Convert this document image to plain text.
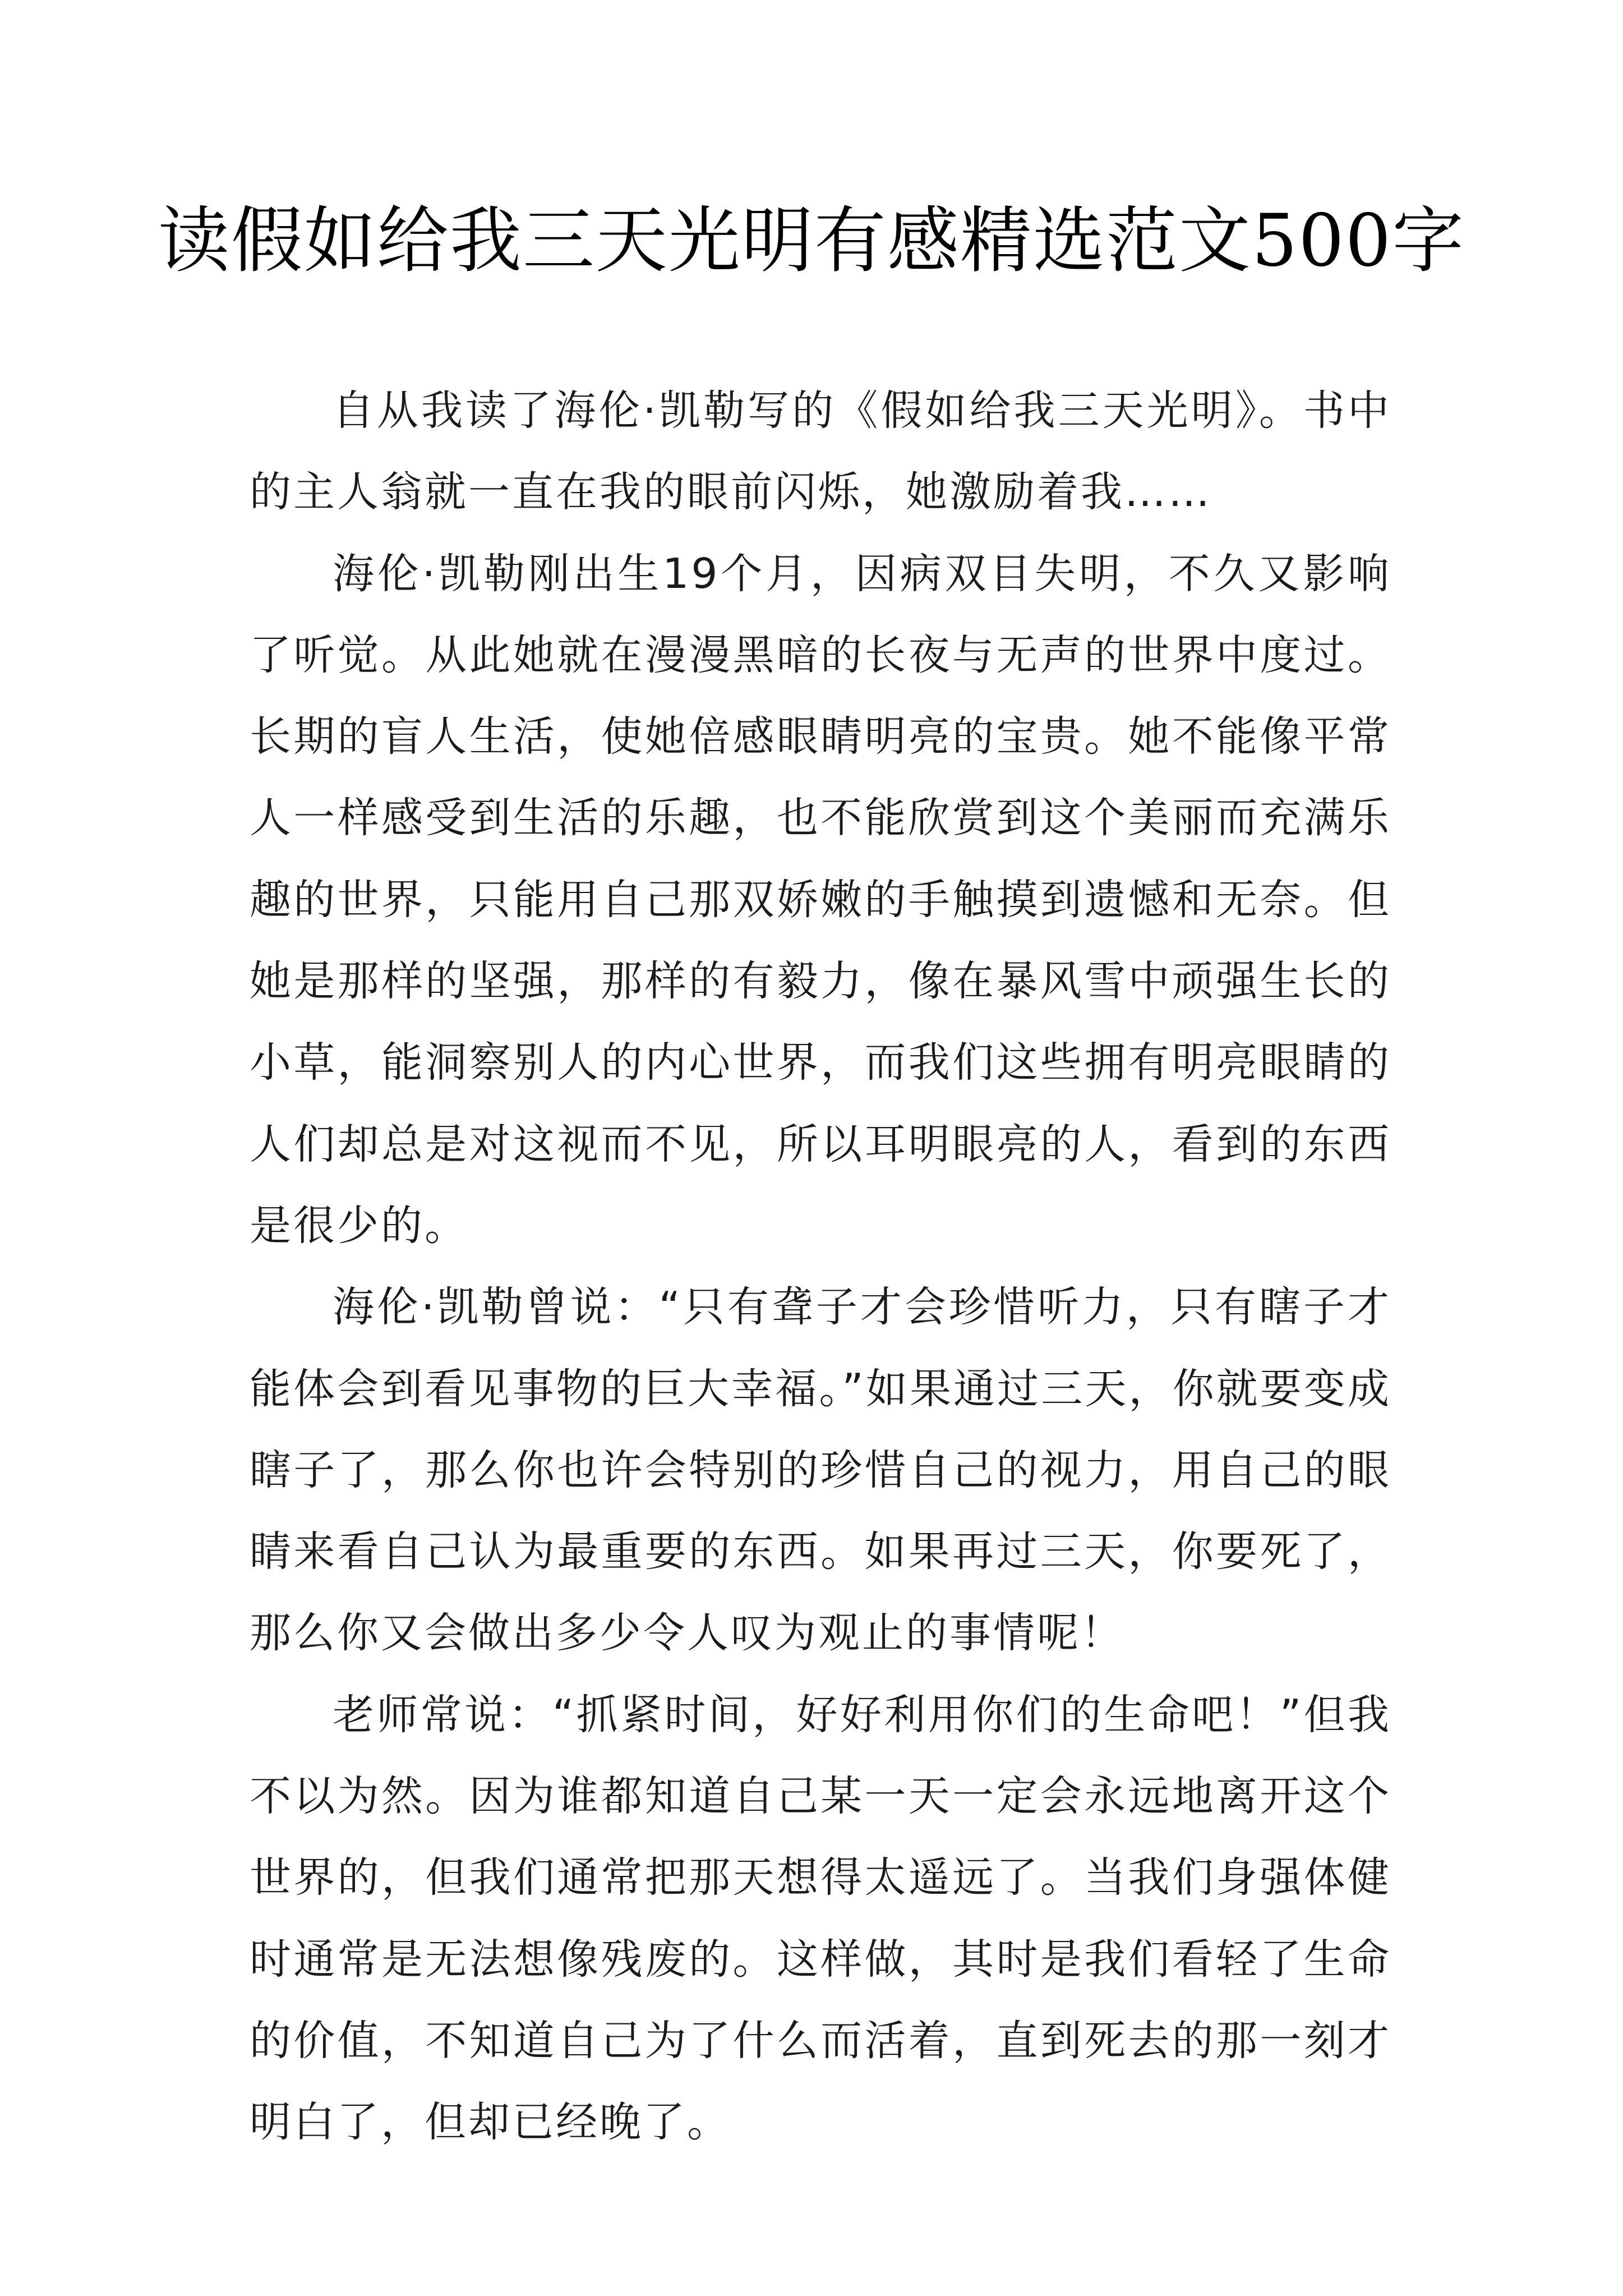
读假如给我三天光明有感精选范文500字

自从我读了海伦·凯勒写的《假如给我三天光明》。书中的主人翁就一直在我的眼前闪烁，她激励着我……

海伦·凯勒刚出生19个月，因病双目失明，不久又影响了听觉。从此她就在漫漫黑暗的长夜与无声的世界中度过。长期的盲人生活，使她倍感眼睛明亮的宝贵。她不能像平常人一样感受到生活的乐趣，也不能欣赏到这个美丽而充满乐趣的世界，只能用自己那双娇嫩的手触摸到遗憾和无奈。但她是那样的坚强，那样的有毅力，像在暴风雪中顽强生长的小草，能洞察别人的内心世界，而我们这些拥有明亮眼睛的人们却总是对这视而不见，所以耳明眼亮的人，看到的东西是很少的。

海伦·凯勒曾说：“只有聋子才会珍惜听力，只有瞎子才能体会到看见事物的巨大幸福。”如果通过三天，你就要变成瞎子了，那么你也许会特别的珍惜自己的视力，用自己的眼睛来看自己认为最重要的东西。如果再过三天，你要死了，那么你又会做出多少令人叹为观止的事情呢！

老师常说：“抓紧时间，好好利用你们的生命吧！”但我不以为然。因为谁都知道自己某一天一定会永远地离开这个世界的，但我们通常把那天想得太遥远了。当我们身强体健时通常是无法想像残废的。这样做，其时是我们看轻了生命的价值，不知道自己为了什么而活着，直到死去的那一刻才明白了，但却已经晚了。
